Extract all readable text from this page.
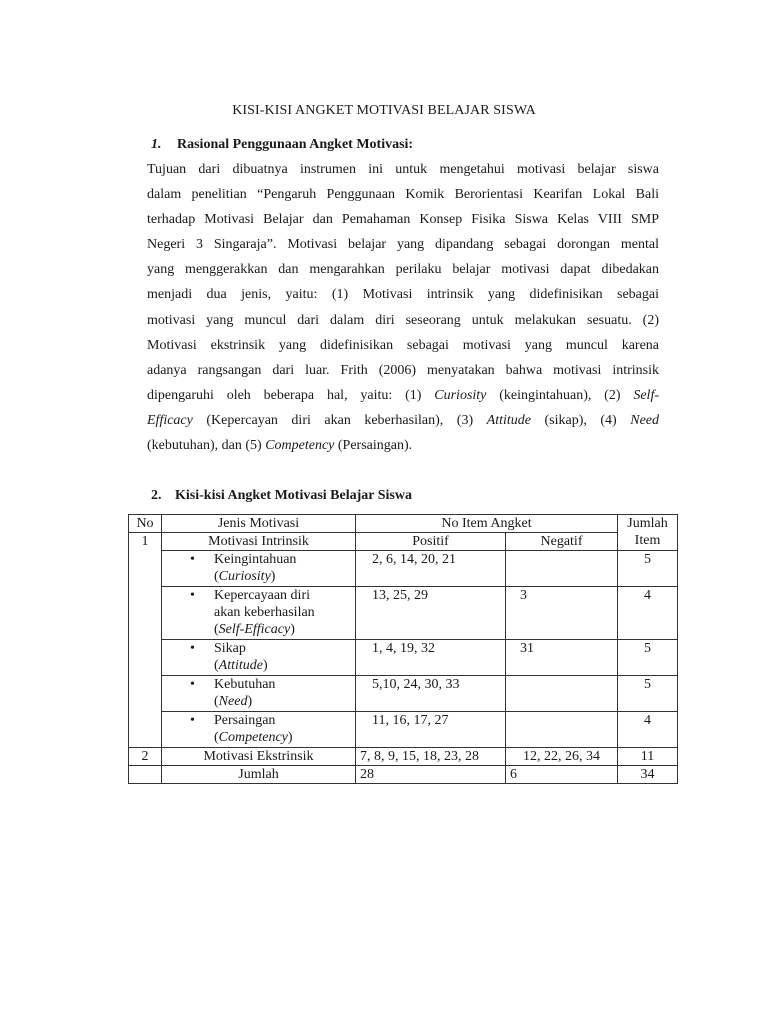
KISI-KISI ANGKET MOTIVASI BELAJAR SISWA
1. Rasional Penggunaan Angket Motivasi:
Tujuan dari dibuatnya instrumen ini untuk mengetahui motivasi belajar siswa
dalam penelitian “Pengaruh Penggunaan Komik Berorientasi Kearifan Lokal Bali
terhadap Motivasi Belajar dan Pemahaman Konsep Fisika Siswa Kelas VIII SMP
Negeri 3 Singaraja”. Motivasi belajar yang dipandang sebagai dorongan mental
yang menggerakkan dan mengarahkan perilaku belajar motivasi dapat dibedakan
menjadi dua jenis, yaitu: (1) Motivasi intrinsik yang didefinisikan sebagai
motivasi yang muncul dari dalam diri seseorang untuk melakukan sesuatu. (2)
Motivasi ekstrinsik yang didefinisikan sebagai motivasi yang muncul karena
adanya rangsangan dari luar. Frith (2006) menyatakan bahwa motivasi intrinsik
dipengaruhi oleh beberapa hal, yaitu: (1) Curiosity (keingintahuan), (2) Self-
Efficacy (Kepercayan diri akan keberhasilan), (3) Attitude (sikap), (4) Need
(kebutuhan), dan (5) Competency (Persaingan).
2. Kisi-kisi Angket Motivasi Belajar Siswa
No	Jenis Motivasi	No Item Angket		Jumlah
Item
1	Motivasi Intrinsik	Positif	Negatif	

	• Keingintahuan
(Curiosity)	2, 6, 14, 20, 21		5

	• Kepercayaan diri
akan keberhasilan
(Self-Efficacy)	13, 25, 29	3	4

	• Sikap
(Attitude)	1, 4, 19, 32	31	5

	• Kebutuhan
(Need)	5,10, 24, 30, 33		5

	• Persaingan
(Competency)	11, 16, 17, 27		4
2	Motivasi Ekstrinsik	7, 8, 9, 15, 18, 23, 28	12, 22, 26, 34	11
	Jumlah	28	6	34
